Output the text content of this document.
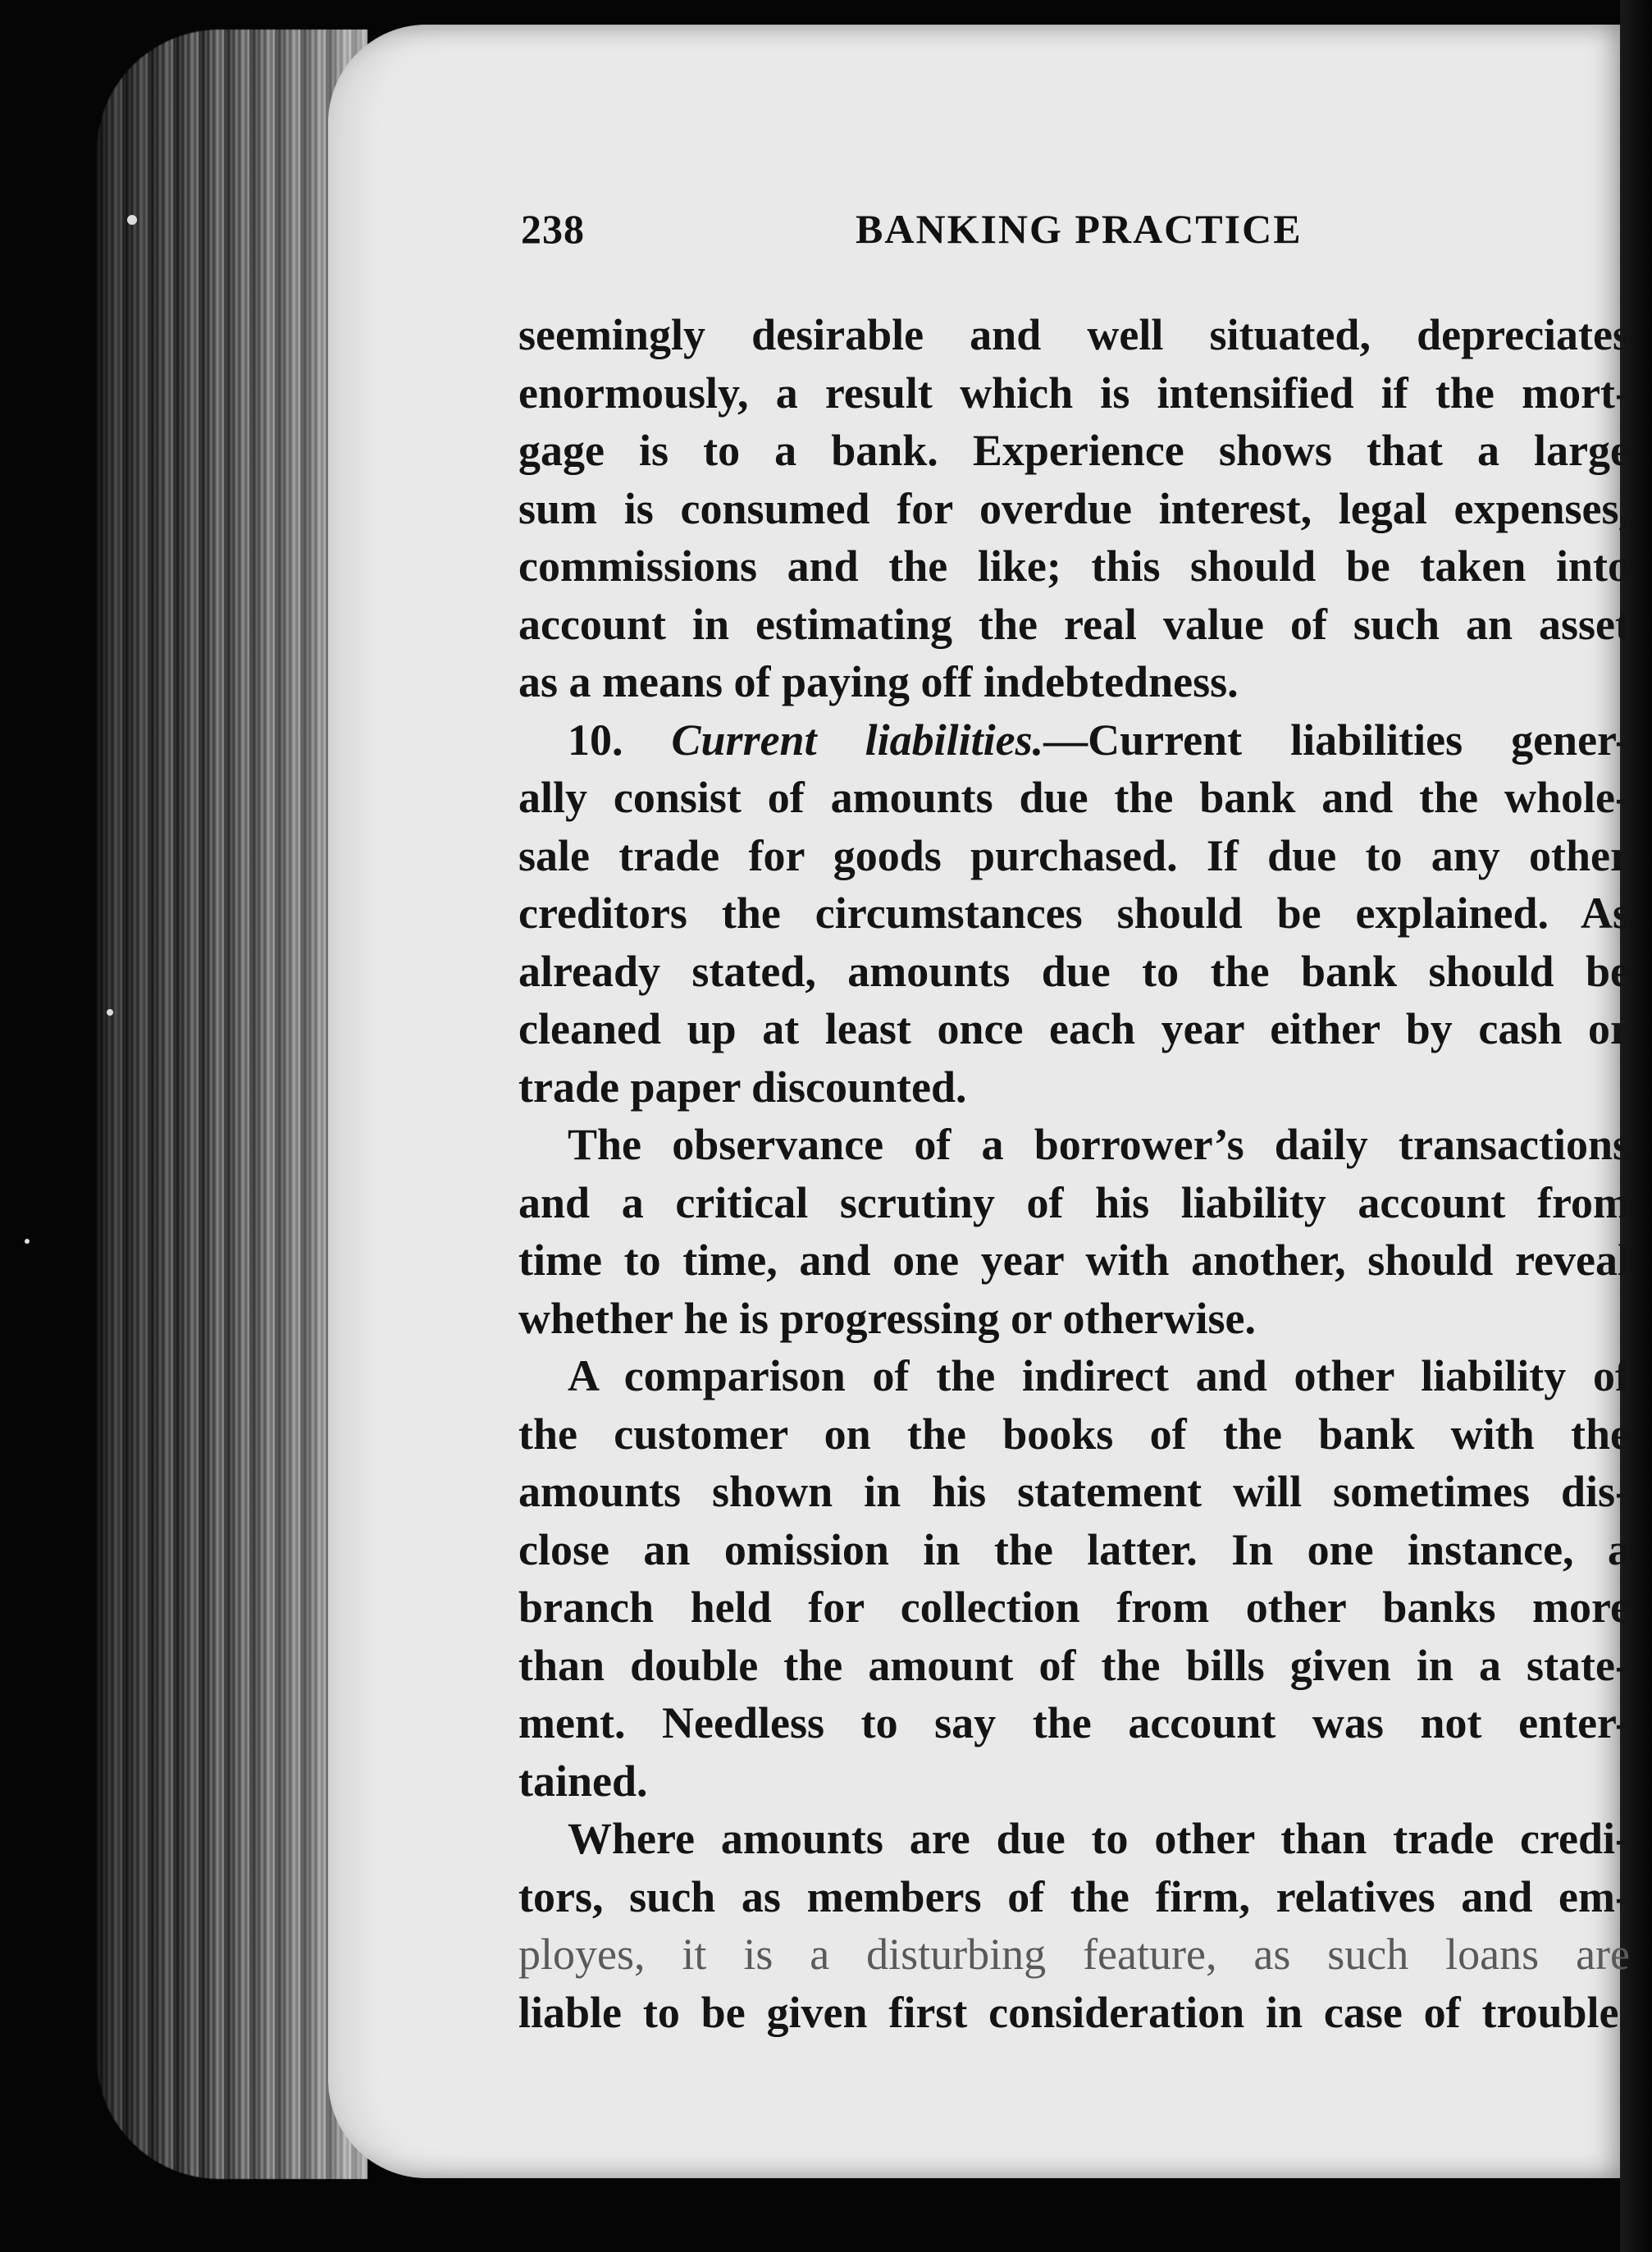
238	BANKING PRACTICE
seemingly desirable and well situated, depreciates
enormously, a result which is intensified if the mort-
gage is to a bank. Experience shows that a large
sum is consumed for overdue interest, legal expenses,
commissions and the like; this should be taken into
account in estimating the real value of such an asset
as a means of paying off indebtedness.
10. Current liabilities.—Current liabilities gener-
ally consist of amounts due the bank and the whole-
sale trade for goods purchased. If due to any other
creditors the circumstances should be explained. As
already stated, amounts due to the bank should be
cleaned up at least once each year either by cash or
trade paper discounted.
The observance of a borrower’s daily transactions
and a critical scrutiny of his liability account from
time to time, and one year with another, should reveal
whether he is progressing or otherwise.
A comparison of the indirect and other liability of
the customer on the books of the bank with the
amounts shown in his statement will sometimes dis-
close an omission in the latter. In one instance, a
branch held for collection from other banks more
than double the amount of the bills given in a state-
ment. Needless to say the account was not enter-
tained.
Where amounts are due to other than trade credi-
tors, such as members of the firm, relatives and em-
ployes, it is a disturbing feature, as such loans are
liable to be given first consideration in case of trouble.
